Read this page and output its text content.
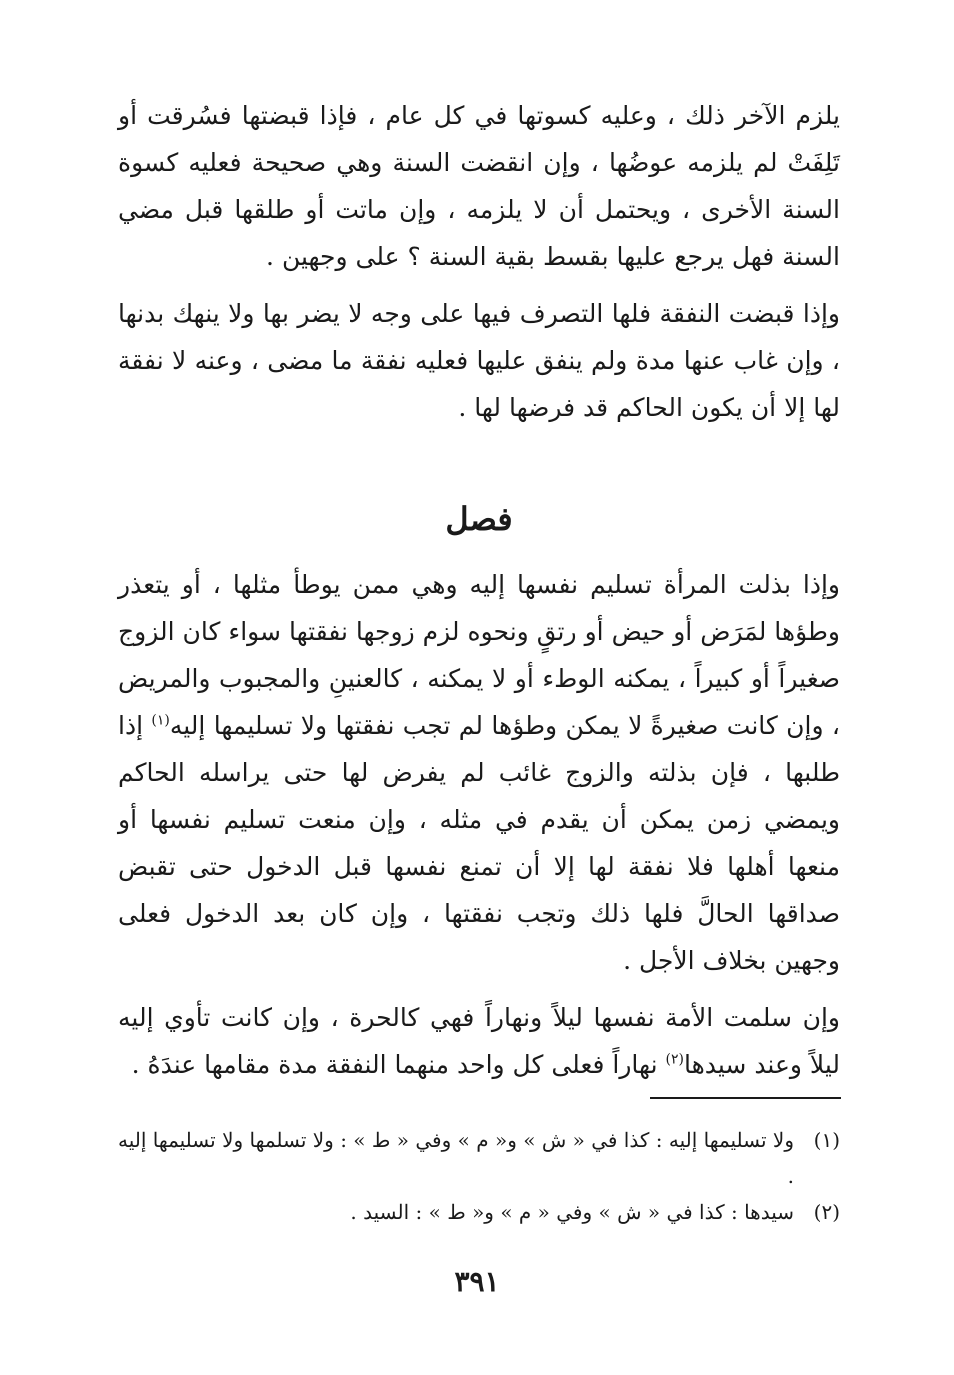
يلزم الآخر ذلك ، وعليه كسوتها في كل عام ، فإذا قبضتها فسُرقت أو تَلِفَتْ لم يلزمه عوضُها ، وإن انقضت السنة وهي صحيحة فعليه كسوة السنة الأخرى ، ويحتمل أن لا يلزمه ، وإن ماتت أو طلقها قبل مضي السنة فهل يرجع عليها بقسط بقية السنة ؟ على وجهين .

وإذا قبضت النفقة فلها التصرف فيها على وجه لا يضر بها ولا ينهك بدنها ، وإن غاب عنها مدة ولم ينفق عليها فعليه نفقة ما مضى ، وعنه لا نفقة لها إلا أن يكون الحاكم قد فرضها لها .

فصل

وإذا بذلت المرأة تسليم نفسها إليه وهي ممن يوطأ مثلها ، أو يتعذر وطؤها لمَرَض أو حيض أو رتقٍ ونحوه لزم زوجها نفقتها سواء كان الزوج صغيراً أو كبيراً ، يمكنه الوطء أو لا يمكنه ، كالعنينِ والمجبوب والمريض ، وإن كانت صغيرةً لا يمكن وطؤها لم تجب نفقتها ولا تسليمها إليه$^{(١)}$ إذا طلبها ، فإن بذلته والزوج غائب لم يفرض لها حتى يراسله الحاكم ويمضي زمن يمكن أن يقدم في مثله ، وإن منعت تسليم نفسها أو منعها أهلها فلا نفقة لها إلا أن تمنع نفسها قبل الدخول حتى تقبض صداقها الحالَّ فلها ذلك وتجب نفقتها ، وإن كان بعد الدخول فعلى وجهين بخلاف الأجل .

وإن سلمت الأمة نفسها ليلاً ونهاراً فهي كالحرة ، وإن كانت تأوي إليه ليلاً وعند سيدها$^{(٢)}$ نهاراً فعلى كل واحد منهما النفقة مدة مقامها عندَهُ .

(١)
ولا تسليمها إليه : كذا في « ش » و« م » وفي « ط » : ولا تسلمها ولا تسليمها إليه .
(٢)
سيدها : كذا في « ش » وفي « م » و« ط » : السيد .
٣٩١
